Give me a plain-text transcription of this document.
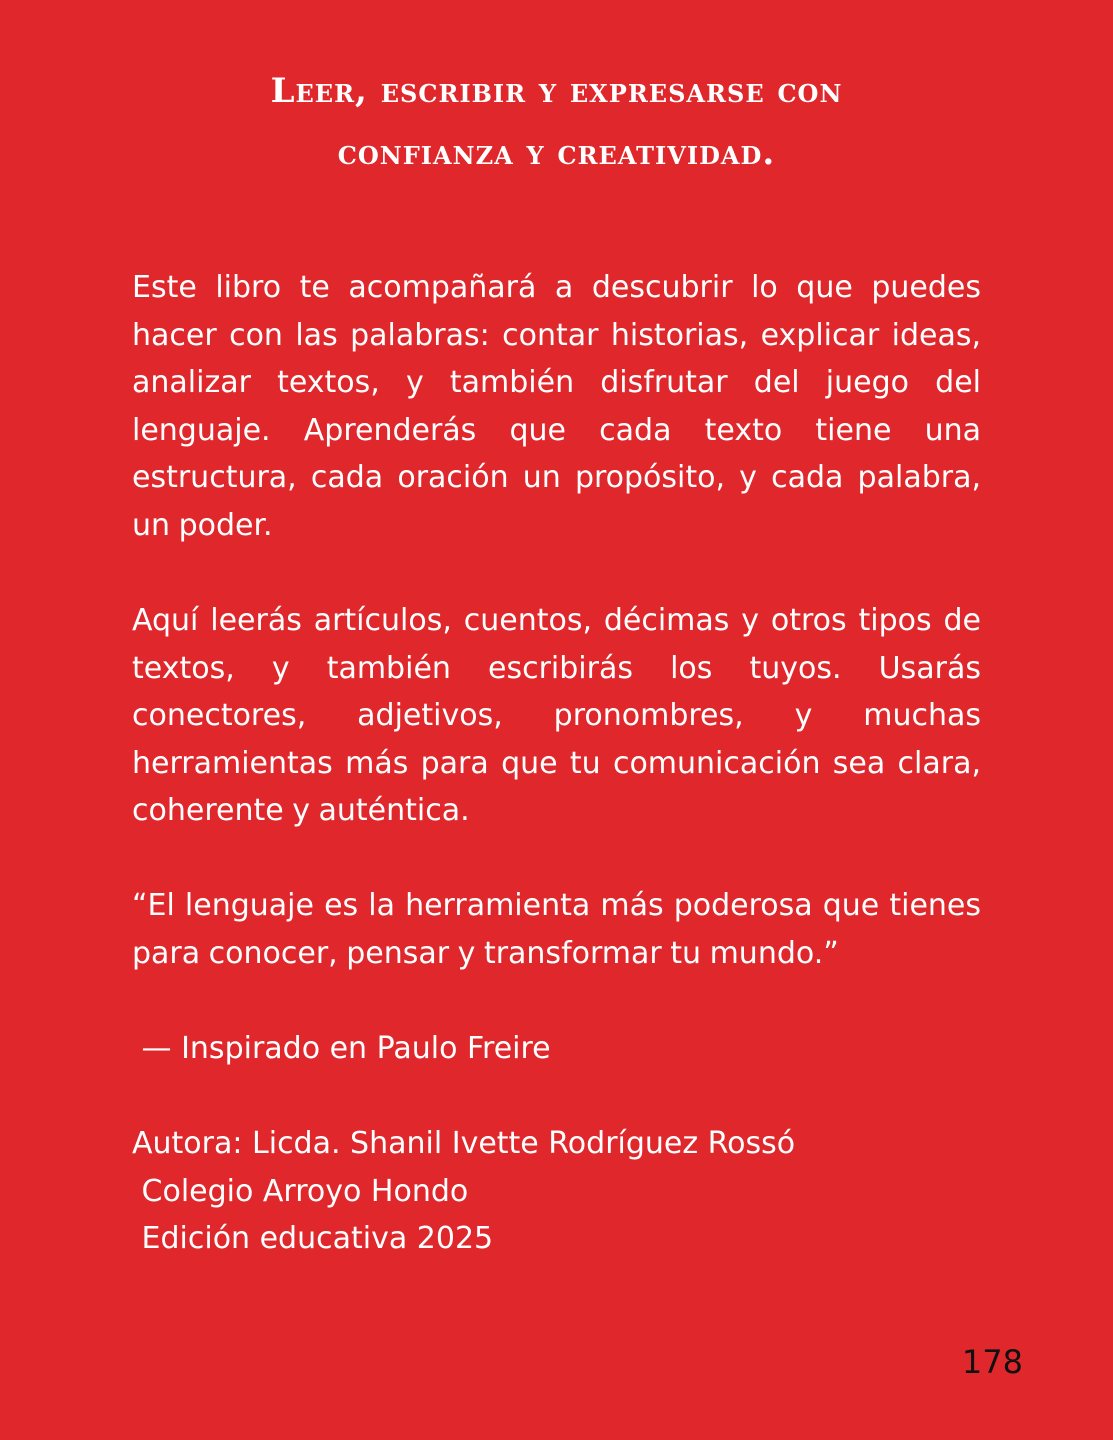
Leer, escribir y expresarse con
confianza y creatividad.

Este libro te acompañará a descubrir lo que puedes hacer con las palabras: contar historias, explicar ideas, analizar textos, y también disfrutar del juego del lenguaje. Aprenderás que cada texto tiene una estructura, cada oración un propósito, y cada palabra, un poder.

Aquí leerás artículos, cuentos, décimas y otros tipos de textos, y también escribirás los tuyos. Usarás conectores, adjetivos, pronombres, y muchas herramientas más para que tu comunicación sea clara, coherente y auténtica.

“El lenguaje es la herramienta más poderosa que tienes para conocer, pensar y transformar tu mundo.”

— Inspirado en Paulo Freire

Autora: Licda. Shanil Ivette Rodríguez Rossó
Colegio Arroyo Hondo
Edición educativa 2025

178
